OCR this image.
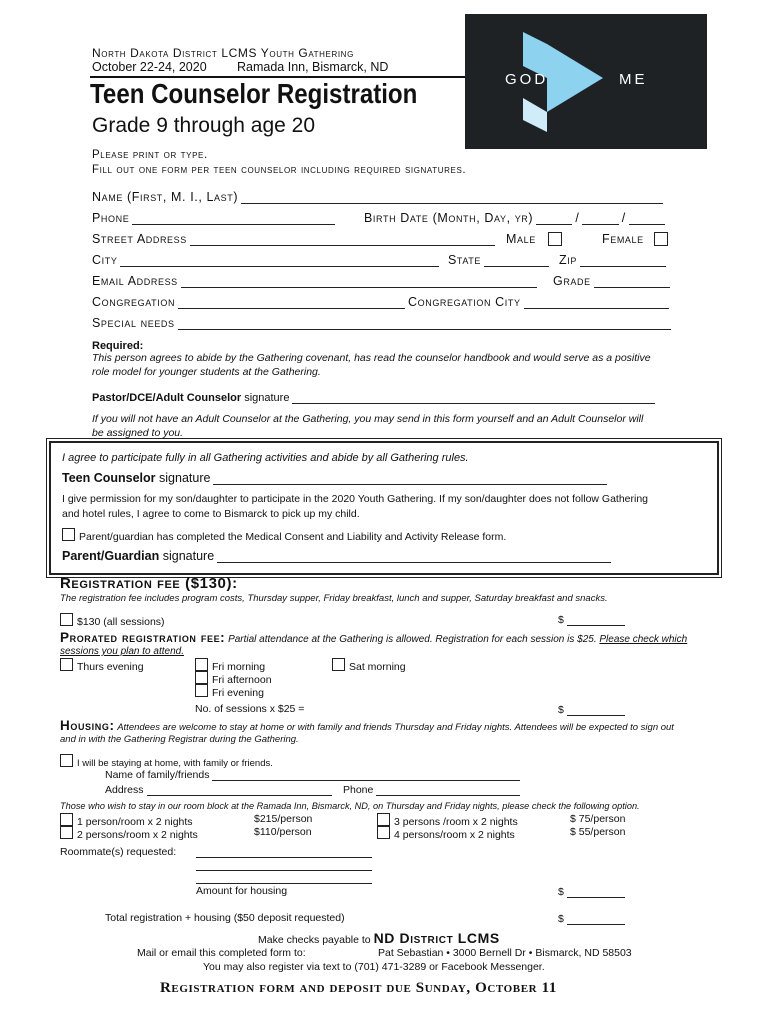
North Dakota District LCMS Youth Gathering
October 22-24, 2020 Ramada Inn, Bismarck, ND
GOD	ME
Teen Counselor Registration
Grade 9 through age 20
Please print or type.
Fill out one form per teen counselor including required signatures.
Name (First, M. I., Last)
Phone	Birth Date (Month, Day, yr)	/	/
Street Address	Male	Female
City	State	Zip
Email Address	Grade
Congregation	Congregation City
Special needs
Required:
This person agrees to abide by the Gathering covenant, has read the counselor handbook and would serve as a positive
role model for younger students at the Gathering.
Pastor/DCE/Adult Counselor
signature
If you will not have an Adult Counselor at the Gathering, you may send in this form yourself and an Adult Counselor will
be assigned to you.
I agree to participate fully in all Gathering activities and abide by all Gathering rules.
Teen Counselor
signature
I give permission for my son/daughter to participate in the 2020 Youth Gathering. If my son/daughter does not follow Gathering
and hotel rules, I agree to come to Bismarck to pick up my child.
Parent/guardian has completed the Medical Consent and Liability and Activity Release form.
Parent/Guardian
signature
Registration fee ($130):
The registration fee includes program costs, Thursday supper, Friday breakfast, lunch and supper, Saturday breakfast and snacks.
$130 (all sessions)	$
Prorated registration fee: Partial attendance at the Gathering is allowed. Registration for each session is $25. Please check which
sessions you plan to attend.
Thurs evening	Fri morning
Fri afternoon
Fri evening
Sat morning
No. of sessions x $25 =	$
Housing: Attendees are welcome to stay at home or with family and friends Thursday and Friday nights. Attendees will be expected to sign out
and in with the Gathering Registrar during the Gathering.
I will be staying at home, with family or friends.
Name of family/friends
Address	Phone
Those who wish to stay in our room block at the Ramada Inn, Bismarck, ND, on Thursday and Friday nights, please check the following option.
1 person/room x 2 nights	$215/person
2 persons/room x 2 nights	$110/person
3 persons /room x 2 nights	$ 75/person
4 persons/room x 2 nights	$ 55/person
Roommate(s) requested:
Amount for housing	$
Total registration + housing ($50 deposit requested)	$
Make checks payable to ND District LCMS
Mail or email this completed form to:	Pat Sebastian • 3000 Bernell Dr • Bismarck, ND 58503
You may also register via text to (701) 471-3289 or Facebook Messenger.
Registration form and deposit due Sunday, October 11
